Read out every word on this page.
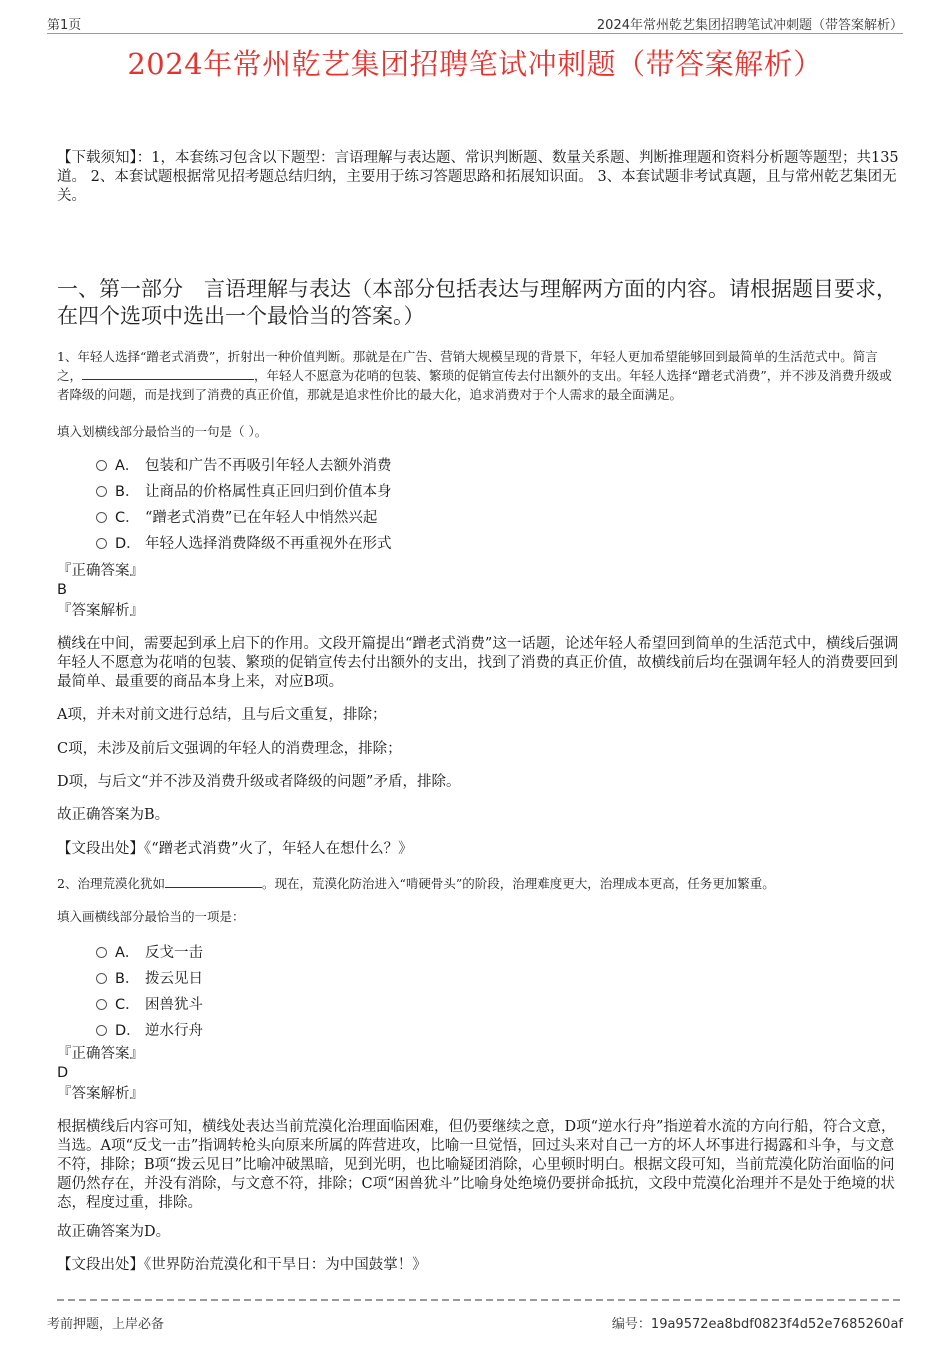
第1页	2024年常州乾艺集团招聘笔试冲刺题（带答案解析）
2024年常州乾艺集团招聘笔试冲刺题（带答案解析）
【下载须知】：1，本套练习包含以下题型：言语理解与表达题、常识判断题、数量关系题、判断推理题和资料分析题等题型；共135道。 2、本套试题根据常见招考题总结归纳，主要用于练习答题思路和拓展知识面。 3、本套试题非考试真题，且与常州乾艺集团无关。
一、第一部分　言语理解与表达（本部分包括表达与理解两方面的内容。请根据题目要求，在四个选项中选出一个最恰当的答案。）
1、年轻人选择“蹭老式消费”，折射出一种价值判断。那就是在广告、营销大规模呈现的背景下，年轻人更加希望能够回到最简单的生活范式中。简言之，	，年轻人不愿意为花哨的包装、繁琐的促销宣传去付出额外的支出。年轻人选择“蹭老式消费”，并不涉及消费升级或者降级的问题，而是找到了消费的真正价值，那就是追求性价比的最大化，追求消费对于个人需求的最全面满足。
填入划横线部分最恰当的一句是（ ）。
A． 包装和广告不再吸引年轻人去额外消费
B． 让商品的价格属性真正回归到价值本身
C． “蹭老式消费”已在年轻人中悄然兴起
D． 年轻人选择消费降级不再重视外在形式
『正确答案』
B
『答案解析』
横线在中间，需要起到承上启下的作用。文段开篇提出“蹭老式消费”这一话题，论述年轻人希望回到简单的生活范式中，横线后强调年轻人不愿意为花哨的包装、繁琐的促销宣传去付出额外的支出，找到了消费的真正价值，故横线前后均在强调年轻人的消费要回到最简单、最重要的商品本身上来，对应B项。
A项，并未对前文进行总结，且与后文重复，排除；
C项，未涉及前后文强调的年轻人的消费理念，排除；
D项，与后文“并不涉及消费升级或者降级的问题”矛盾，排除。
故正确答案为B。
【文段出处】《“蹭老式消费”火了，年轻人在想什么？》
2、治理荒漠化犹如	。现在，荒漠化防治进入“啃硬骨头”的阶段，治理难度更大，治理成本更高，任务更加繁重。
填入画横线部分最恰当的一项是：
A． 反戈一击
B． 拨云见日
C． 困兽犹斗
D． 逆水行舟
『正确答案』
D
『答案解析』
根据横线后内容可知，横线处表达当前荒漠化治理面临困难，但仍要继续之意，D项“逆水行舟”指逆着水流的方向行船，符合文意，当选。A项“反戈一击”指调转枪头向原来所属的阵营进攻，比喻一旦觉悟，回过头来对自己一方的坏人坏事进行揭露和斗争，与文意不符，排除；B项“拨云见日”比喻冲破黑暗，见到光明，也比喻疑团消除，心里顿时明白。根据文段可知，当前荒漠化防治面临的问题仍然存在，并没有消除，与文意不符，排除；C项“困兽犹斗”比喻身处绝境仍要拼命抵抗，文段中荒漠化治理并不是处于绝境的状态，程度过重，排除。
故正确答案为D。
【文段出处】《世界防治荒漠化和干旱日：为中国鼓掌！》
考前押题，上岸必备	编号：19a9572ea8bdf0823f4d52e7685260af
